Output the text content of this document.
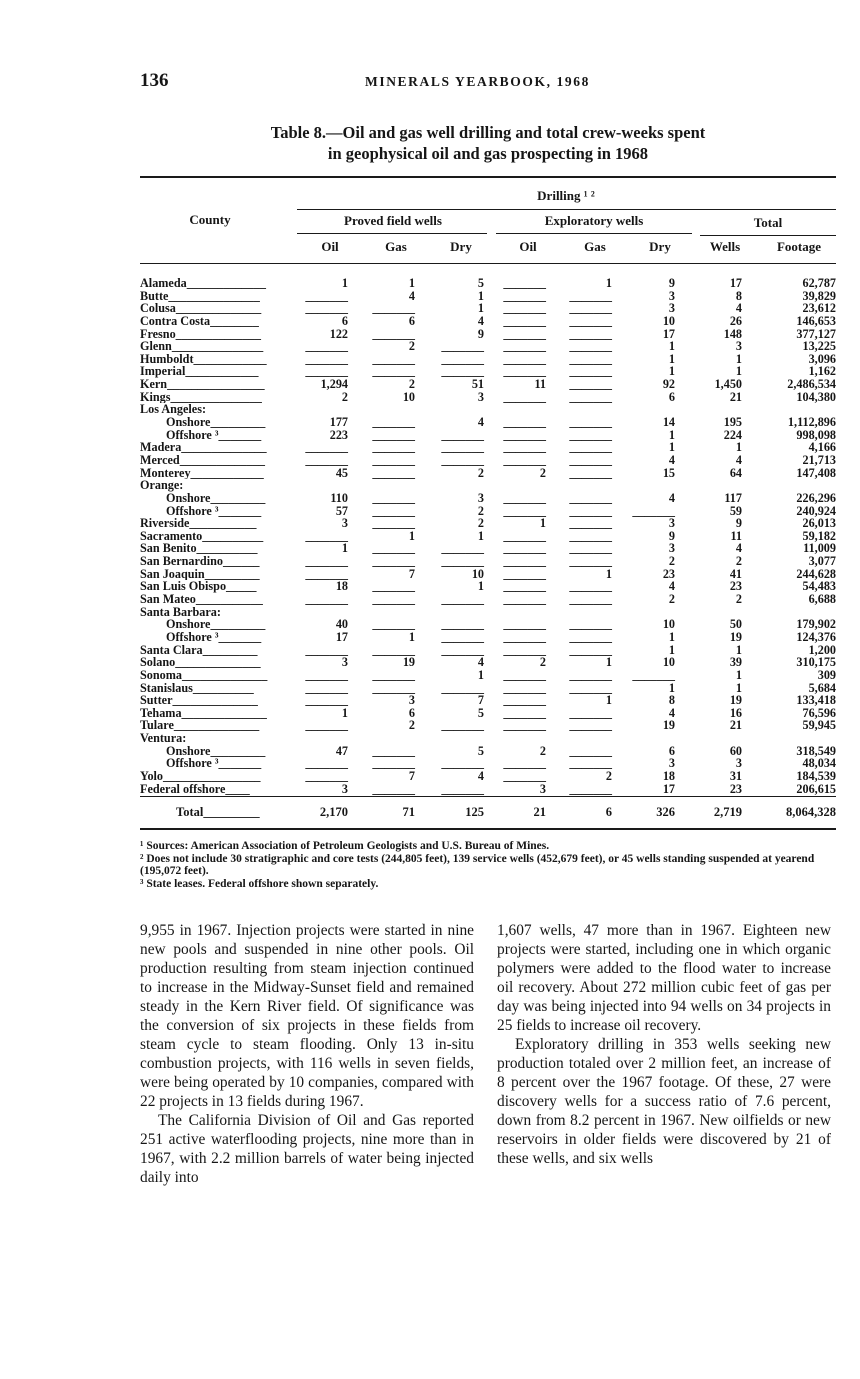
136	MINERALS YEARBOOK, 1968
Table 8.—Oil and gas well drilling and total crew-weeks spent
in geophysical oil and gas prospecting in 1968
Drilling ¹ ²
County	Proved field wells	Exploratory wells	Total
Oil	Gas	Dry	Oil	Gas	Dry	Wells	Footage
Alameda_____________	1	1	5	_______	1	9	17	62,787
Butte_______________	_______	4	1	_______	_______	3	8	39,829
Colusa______________	_______	_______	1	_______	_______	3	4	23,612
Contra Costa________	6	6	4	_______	_______	10	26	146,653
Fresno______________	122	_______	9	_______	_______	17	148	377,127
Glenn_______________	_______	2	_______	_______	_______	1	3	13,225
Humboldt____________	_______	_______	_______	_______	_______	1	1	3,096
Imperial____________	_______	_______	_______	_______	_______	1	1	1,162
Kern________________	1,294	2	51	11	_______	92	1,450	2,486,534
Kings_______________	2	10	3	_______	_______	6	21	104,380
Los Angeles:
Onshore_________	177	_______	4	_______	_______	14	195	1,112,896
Offshore ³_______	223	_______	_______	_______	_______	1	224	998,098
Madera______________	_______	_______	_______	_______	_______	1	1	4,166
Merced______________	_______	_______	_______	_______	_______	4	4	21,713
Monterey____________	45	_______	2	2	_______	15	64	147,408
Orange:
Onshore_________	110	_______	3	_______	_______	4	117	226,296
Offshore ³_______	57	_______	2	_______	_______	_______	59	240,924
Riverside___________	3	_______	2	1	_______	3	9	26,013
Sacramento__________	_______	1	1	_______	_______	9	11	59,182
San Benito__________	1	_______	_______	_______	_______	3	4	11,009
San Bernardino______	_______	_______	_______	_______	_______	2	2	3,077
San Joaquin_________	_______	7	10	_______	1	23	41	244,628
San Luis Obispo_____	18	_______	1	_______	_______	4	23	54,483
San Mateo___________	_______	_______	_______	_______	_______	2	2	6,688
Santa Barbara:
Onshore_________	40	_______	_______	_______	_______	10	50	179,902
Offshore ³_______	17	1	_______	_______	_______	1	19	124,376
Santa Clara_________	_______	_______	_______	_______	_______	1	1	1,200
Solano______________	3	19	4	2	1	10	39	310,175
Sonoma______________	_______	_______	1	_______	_______	_______	1	309
Stanislaus__________	_______	_______	_______	_______	_______	1	1	5,684
Sutter______________	_______	3	7	_______	1	8	19	133,418
Tehama______________	1	6	5	_______	_______	4	16	76,596
Tulare______________	_______	2	_______	_______	_______	19	21	59,945
Ventura:
Onshore_________	47	_______	5	2	_______	6	60	318,549
Offshore ³_______	_______	_______	_______	_______	_______	3	3	48,034
Yolo________________	_______	7	4	_______	2	18	31	184,539
Federal offshore____	3	_______	_______	3	_______	17	23	206,615
Total_________	2,170	71	125	21	6	326	2,719	8,064,328

¹ Sources: American Association of Petroleum Geologists and U.S. Bureau of Mines.

² Does not include 30 stratigraphic and core tests (244,805 feet), 139 service wells (452,679 feet), or 45 wells standing suspended at yearend (195,072 feet).

³ State leases. Federal offshore shown separately.

9,955 in 1967. Injection projects were started in nine new pools and suspended in nine other pools. Oil production resulting from steam injection continued to increase in the Midway-Sunset field and remained steady in the Kern River field. Of significance was the conversion of six projects in these fields from steam cycle to steam flooding. Only 13 in-situ combustion projects, with 116 wells in seven fields, were being operated by 10 companies, compared with 22 projects in 13 fields during 1967.

The California Division of Oil and Gas reported 251 active waterflooding projects, nine more than in 1967, with 2.2 million barrels of water being injected daily into

1,607 wells, 47 more than in 1967. Eighteen new projects were started, including one in which organic polymers were added to the flood water to increase oil recovery. About 272 million cubic feet of gas per day was being injected into 94 wells on 34 projects in 25 fields to increase oil recovery.

Exploratory drilling in 353 wells seeking new production totaled over 2 million feet, an increase of 8 percent over the 1967 footage. Of these, 27 were discovery wells for a success ratio of 7.6 percent, down from 8.2 percent in 1967. New oilfields or new reservoirs in older fields were discovered by 21 of these wells, and six wells
